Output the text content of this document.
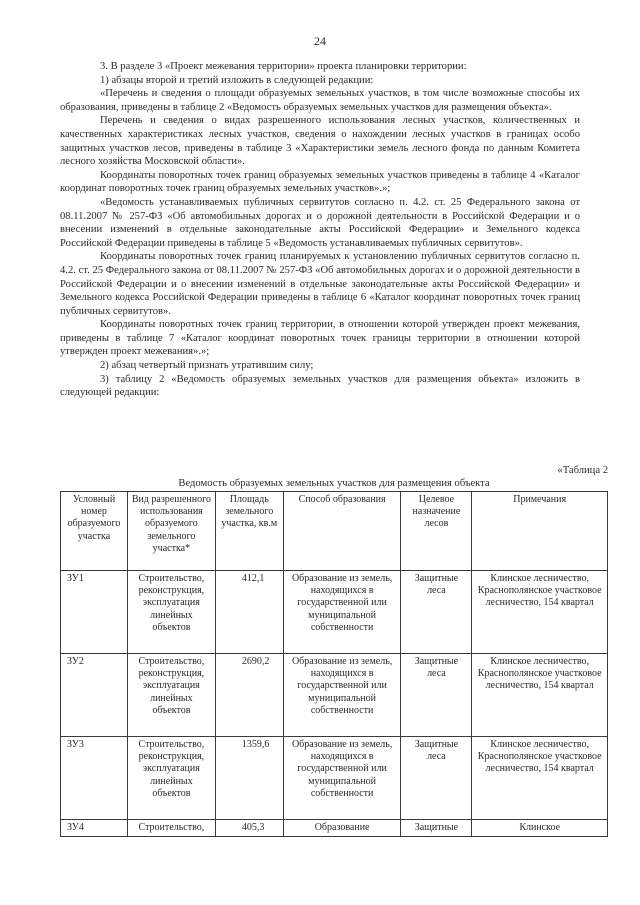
24

3. В разделе 3 «Проект межевания территории» проекта планировки территории:

1) абзацы второй и третий изложить в следующей редакции:

«Перечень и сведения о площади образуемых земельных участков, в том числе возможные способы их образования, приведены в таблице 2 «Ведомость образуемых земельных участков для размещения объекта».

Перечень и сведения о видах разрешенного использования лесных участков, количественных и качественных характеристиках лесных участков, сведения о нахождении лесных участков в границах особо защитных участков лесов, приведены в таблице 3 «Характеристики земель лесного фонда по данным Комитета лесного хозяйства Московской области».

Координаты поворотных точек границ образуемых земельных участков приведены в таблице 4 «Каталог координат поворотных точек границ образуемых земельных участков».»;

«Ведомость устанавливаемых публичных сервитутов согласно п. 4.2. ст. 25 Федерального закона от 08.11.2007 № 257-ФЗ «Об автомобильных дорогах и о дорожной деятельности в Российской Федерации и о внесении изменений в отдельные законодательные акты Российской Федерации» и Земельного кодекса Российской Федерации приведены в таблице 5 «Ведомость устанавливаемых публичных сервитутов».

Координаты поворотных точек границ планируемых к установлению публичных сервитутов согласно п. 4.2. ст. 25 Федерального закона от 08.11.2007 № 257-ФЗ «Об автомобильных дорогах и о дорожной деятельности в Российской Федерации и о внесении изменений в отдельные законодательные акты Российской Федерации» и Земельного кодекса Российской Федерации приведены в таблице 6 «Каталог координат поворотных точек границ публичных сервитутов».

Координаты поворотных точек границ территории, в отношении которой утвержден проект межевания, приведены в таблице 7 «Каталог координат поворотных точек границы территории в отношении которой утвержден проект межевания».»;

2) абзац четвертый признать утратившим силу;

3) таблицу 2 «Ведомость образуемых земельных участков для размещения объекта» изложить в следующей редакции:

«Таблица 2
Ведомость образуемых земельных участков для размещения объекта
Условный номер образуемого участка	Вид разрешенного использования образуемого земельного участка*	Площадь земельного участка, кв.м	Способ образования	Целевое назначение лесов	Примечания
ЗУ1	Строительство, реконструкция, эксплуатация линейных объектов	412,1	Образование из земель, находящихся в государственной или муниципальной собственности	Защитные леса	Клинское лесничество, Краснополянское участковое лесничество, 154 квартал
ЗУ2	Строительство, реконструкция, эксплуатация линейных объектов	2690,2	Образование из земель, находящихся в государственной или муниципальной собственности	Защитные леса	Клинское лесничество, Краснополянское участковое лесничество, 154 квартал
ЗУ3	Строительство, реконструкция, эксплуатация линейных объектов	1359,6	Образование из земель, находящихся в государственной или муниципальной собственности	Защитные леса	Клинское лесничество, Краснополянское участковое лесничество, 154 квартал
ЗУ4	Строительство,	405,3	Образование	Защитные	Клинское
